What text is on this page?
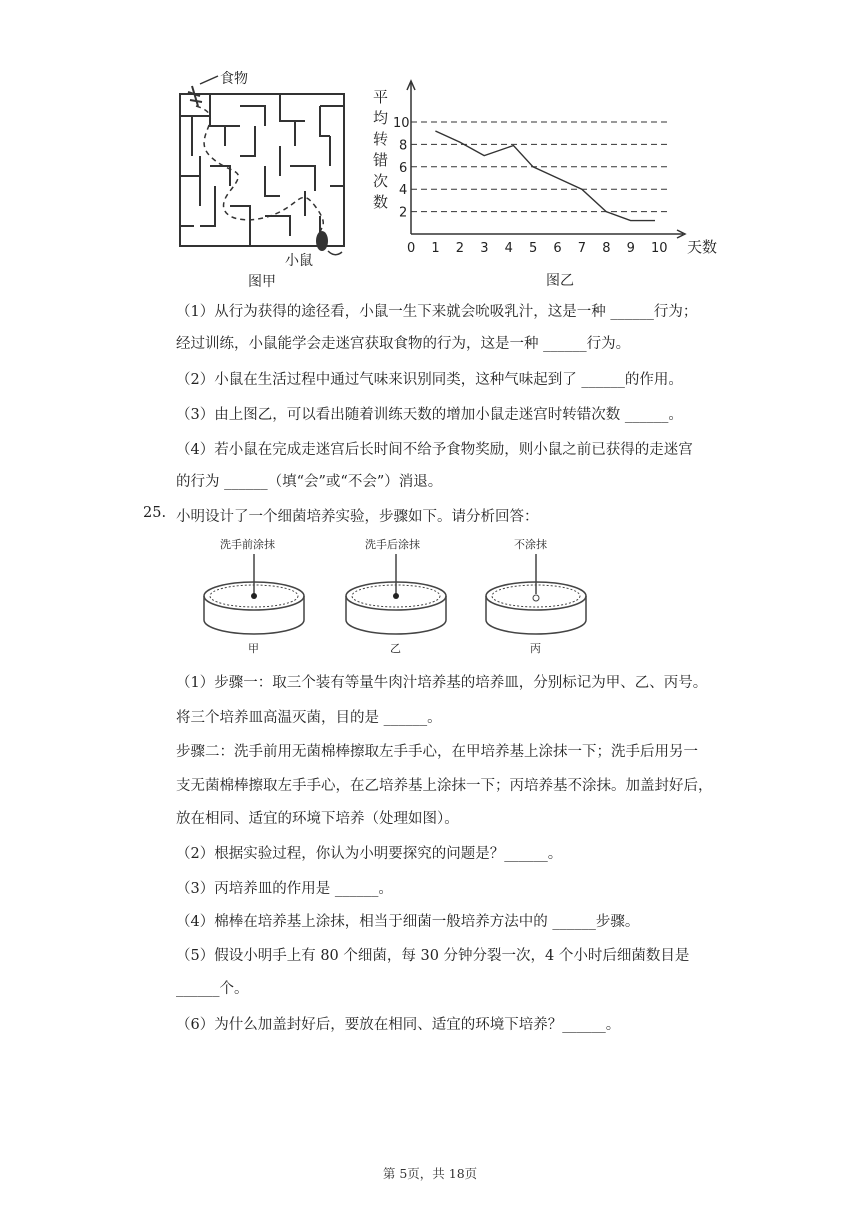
食物
小鼠
图甲
0 1 2 3 4 5 6 7 8 9 10
2
4
6
8
10
天数
平
均
转
错
次
数
图乙
（1）从行为获得的途径看，小鼠一生下来就会吮吸乳汁，这是一种 ______行为；
经过训练，小鼠能学会走迷宫获取食物的行为，这是一种 ______行为。
（2）小鼠在生活过程中通过气味来识别同类，这种气味起到了 ______的作用。
（3）由上图乙，可以看出随着训练天数的增加小鼠走迷宫时转错次数 ______。
（4）若小鼠在完成走迷宫后长时间不给予食物奖励，则小鼠之前已获得的走迷宫
的行为 ______（填“会”或“不会”）消退。
25. 小明设计了一个细菌培养实验，步骤如下。请分析回答：
洗手前涂抹	洗手后涂抹	不涂抹
甲	乙	丙
（1）步骤一：取三个装有等量牛肉汁培养基的培养皿，分别标记为甲、乙、丙号。
将三个培养皿高温灭菌，目的是 ______。
步骤二：洗手前用无菌棉棒擦取左手手心，在甲培养基上涂抹一下；洗手后用另一
支无菌棉棒擦取左手手心，在乙培养基上涂抹一下；丙培养基不涂抹。加盖封好后，
放在相同、适宜的环境下培养（处理如图）。
（2）根据实验过程，你认为小明要探究的问题是？______。
（3）丙培养皿的作用是 ______。
（4）棉棒在培养基上涂抹，相当于细菌一般培养方法中的 ______步骤。
（5）假设小明手上有 80 个细菌，每 30 分钟分裂一次，4 个小时后细菌数目是
______个。
（6）为什么加盖封好后，要放在相同、适宜的环境下培养？______。
第 5页，共 18页
